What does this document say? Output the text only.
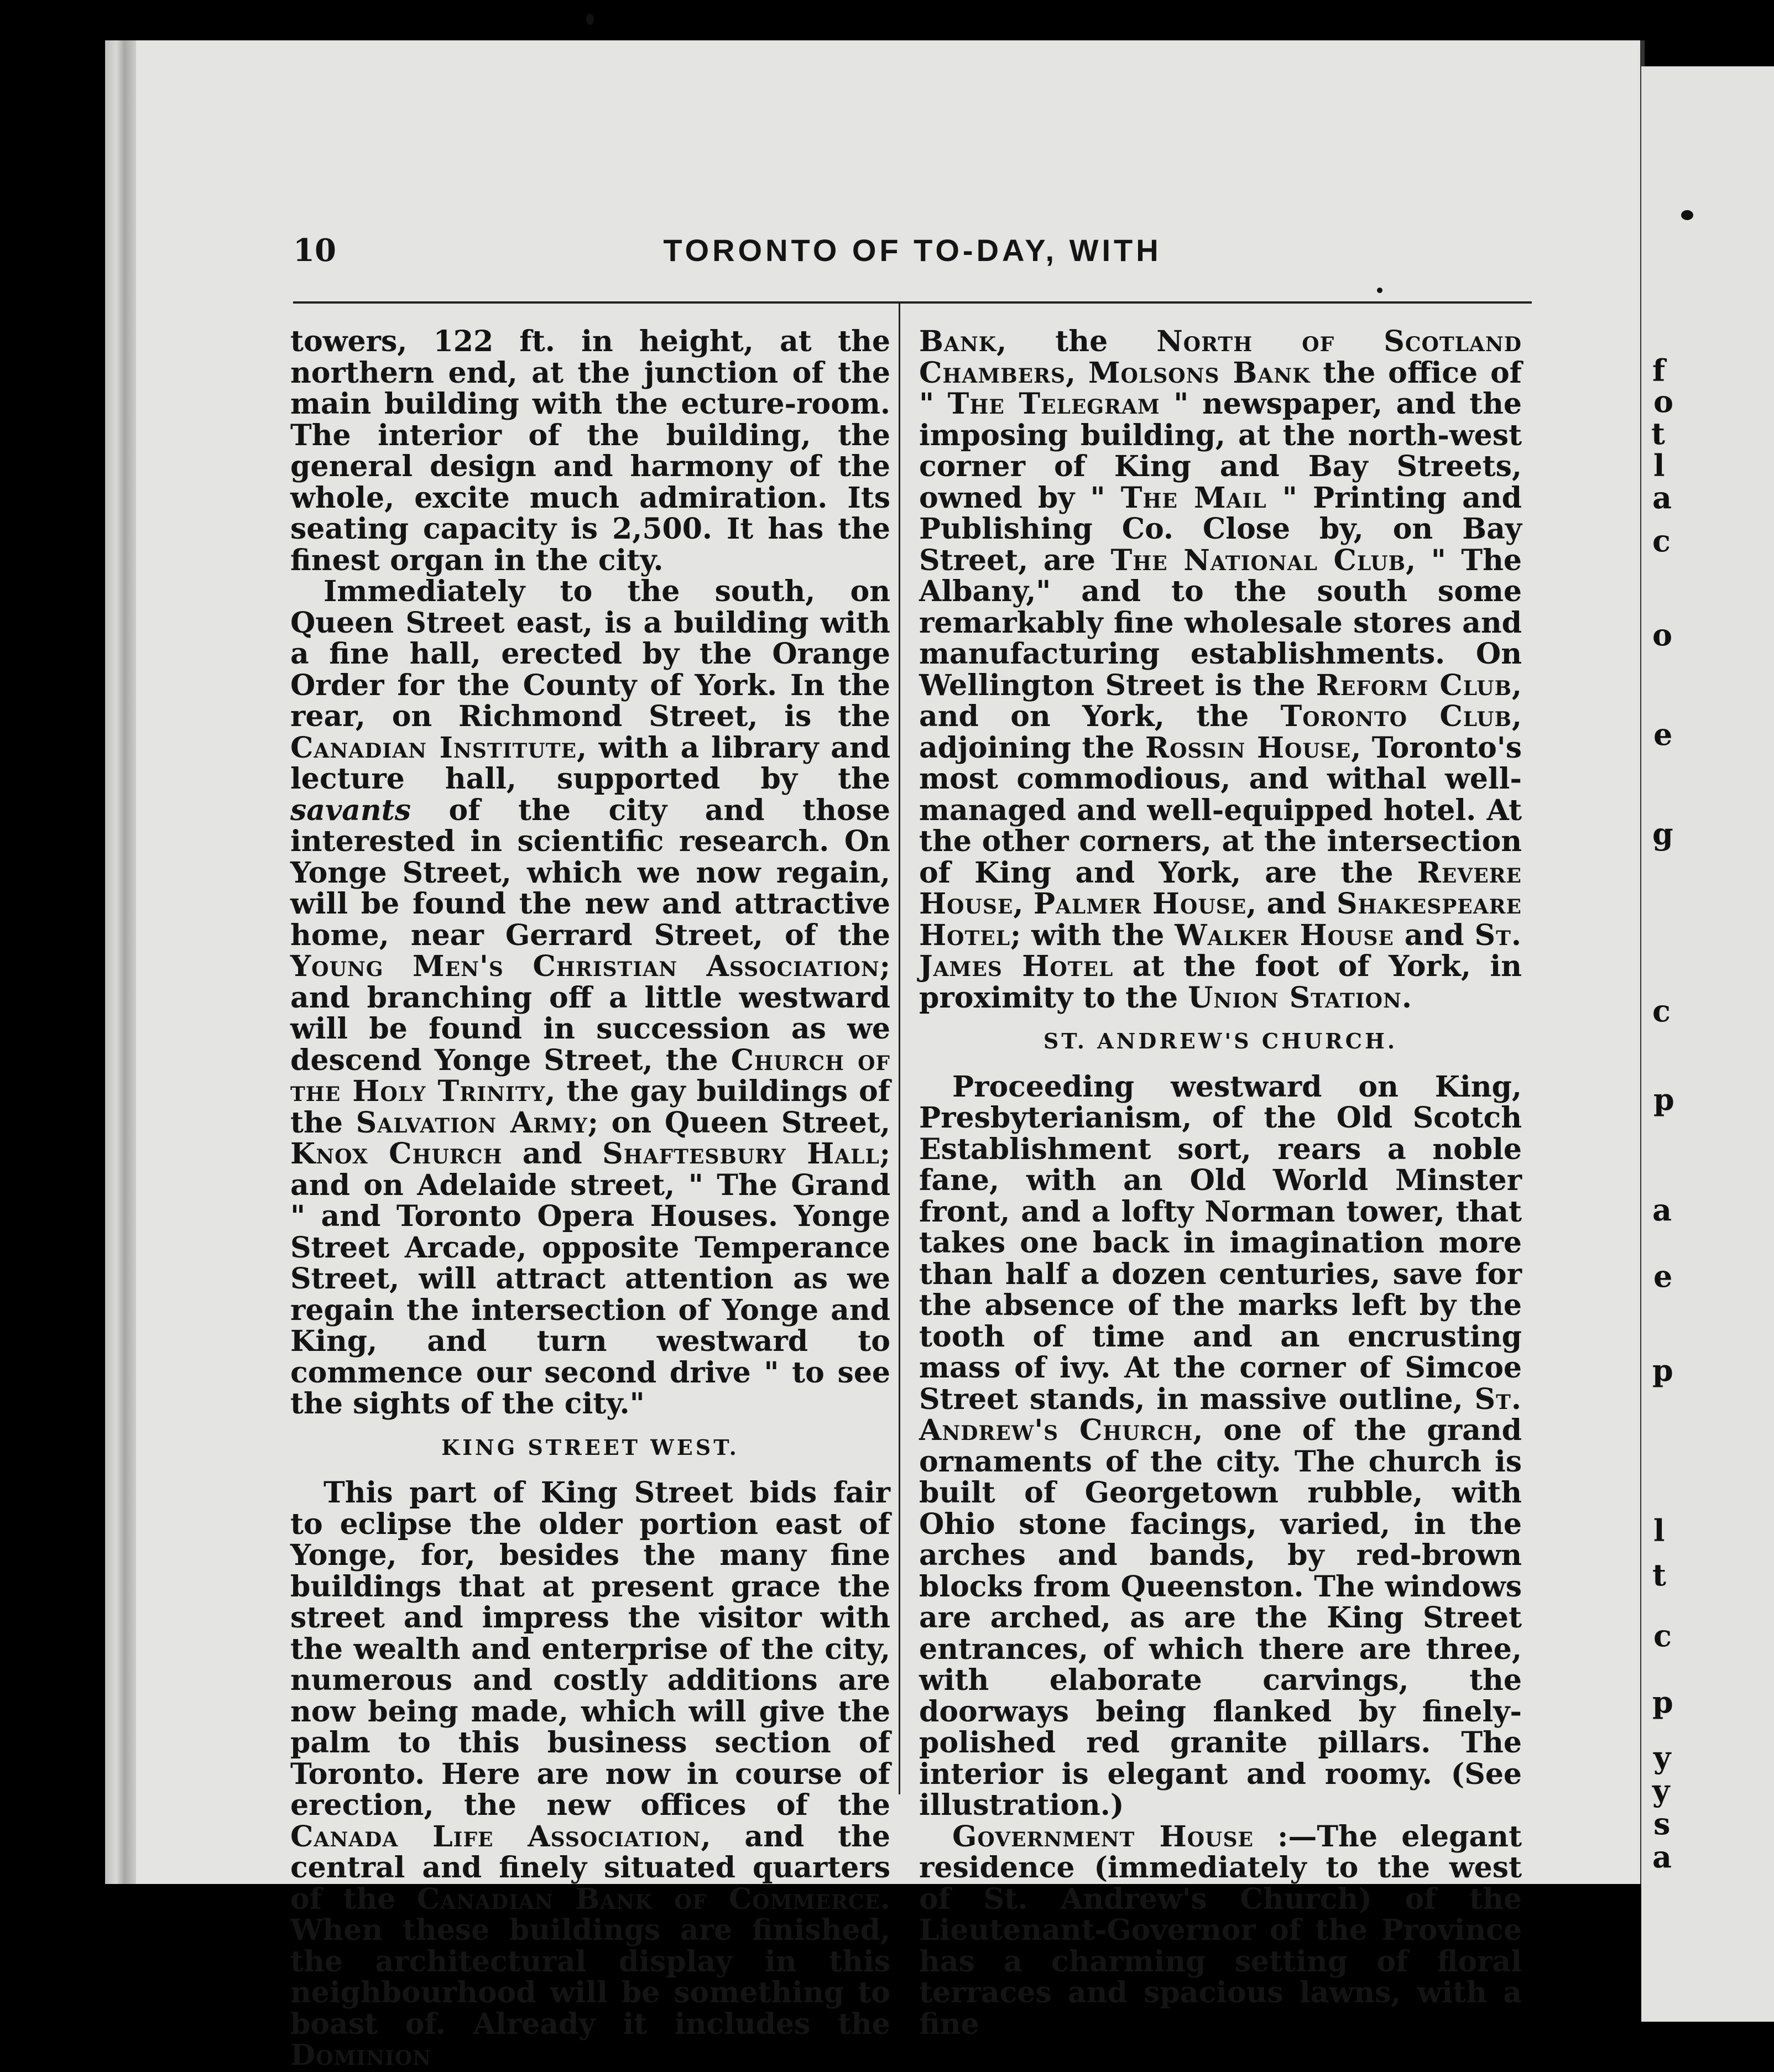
f
o
t
l
a
c
o
e
g
c
p
a
e
p
l
t
c
p
y
y
s
a
10	TORONTO OF TO-DAY, WITH

towers, 122 ft. in height, at the northern end, at the junction of the main building with the ecture-room. The interior of the building, the general design and harmony of the whole, excite much admiration. Its seating capacity is 2,500. It has the finest organ in the city.

Immediately to the south, on Queen Street east, is a building with a fine hall, erected by the Orange Order for the County of York. In the rear, on Richmond Street, is the Canadian Institute, with a library and lecture hall, supported by the savants of the city and those interested in scientific research. On Yonge Street, which we now regain, will be found the new and attractive home, near Gerrard Street, of the Young Men's Christian Association; and branching off a little westward will be found in succession as we descend Yonge Street, the Church of the Holy Trinity, the gay buildings of the Salvation Army; on Queen Street, Knox Church and Shaftesbury Hall; and on Adelaide street, " The Grand " and Toronto Opera Houses. Yonge Street Arcade, opposite Temperance Street, will attract attention as we regain the intersection of Yonge and King, and turn westward to commence our second drive " to see the sights of the city."

KING STREET WEST.

This part of King Street bids fair to eclipse the older portion east of Yonge, for, besides the many fine buildings that at present grace the street and impress the visitor with the wealth and enterprise of the city, numerous and costly additions are now being made, which will give the palm to this business section of Toronto. Here are now in course of erection, the new offices of the Canada Life Association, and the central and finely situated quarters of the Canadian Bank of Commerce. When these buildings are finished, the architectural display in this neighbourhood will be something to boast of. Already it includes the Dominion

Bank, the North of Scotland Chambers, Molsons Bank the office of " The Telegram " newspaper, and the imposing building, at the north-west corner of King and Bay Streets, owned by " The Mail " Printing and Publishing Co. Close by, on Bay Street, are The National Club, " The Albany," and to the south some remarkably fine wholesale stores and manufacturing establishments. On Wellington Street is the Reform Club, and on York, the Toronto Club, adjoining the Rossin House, Toronto's most commodious, and withal well-managed and well-equipped hotel. At the other corners, at the intersection of King and York, are the Revere House, Palmer House, and Shakespeare Hotel; with the Walker House and St. James Hotel at the foot of York, in proximity to the Union Station.

ST. ANDREW'S CHURCH.

Proceeding westward on King, Presbyterianism, of the Old Scotch Establishment sort, rears a noble fane, with an Old World Minster front, and a lofty Norman tower, that takes one back in imagination more than half a dozen centuries, save for the absence of the marks left by the tooth of time and an encrusting mass of ivy. At the corner of Simcoe Street stands, in massive outline, St. Andrew's Church, one of the grand ornaments of the city. The church is built of Georgetown rubble, with Ohio stone facings, varied, in the arches and bands, by red-brown blocks from Queenston. The windows are arched, as are the King Street entrances, of which there are three, with elaborate carvings, the doorways being flanked by finely-polished red granite pillars. The interior is elegant and roomy. (See illustration.)

Government House :—The elegant residence (immediately to the west of St. Andrew's Church) of the Lieutenant-Governor of the Province has a charming setting of floral terraces and spacious lawns, with a fine
